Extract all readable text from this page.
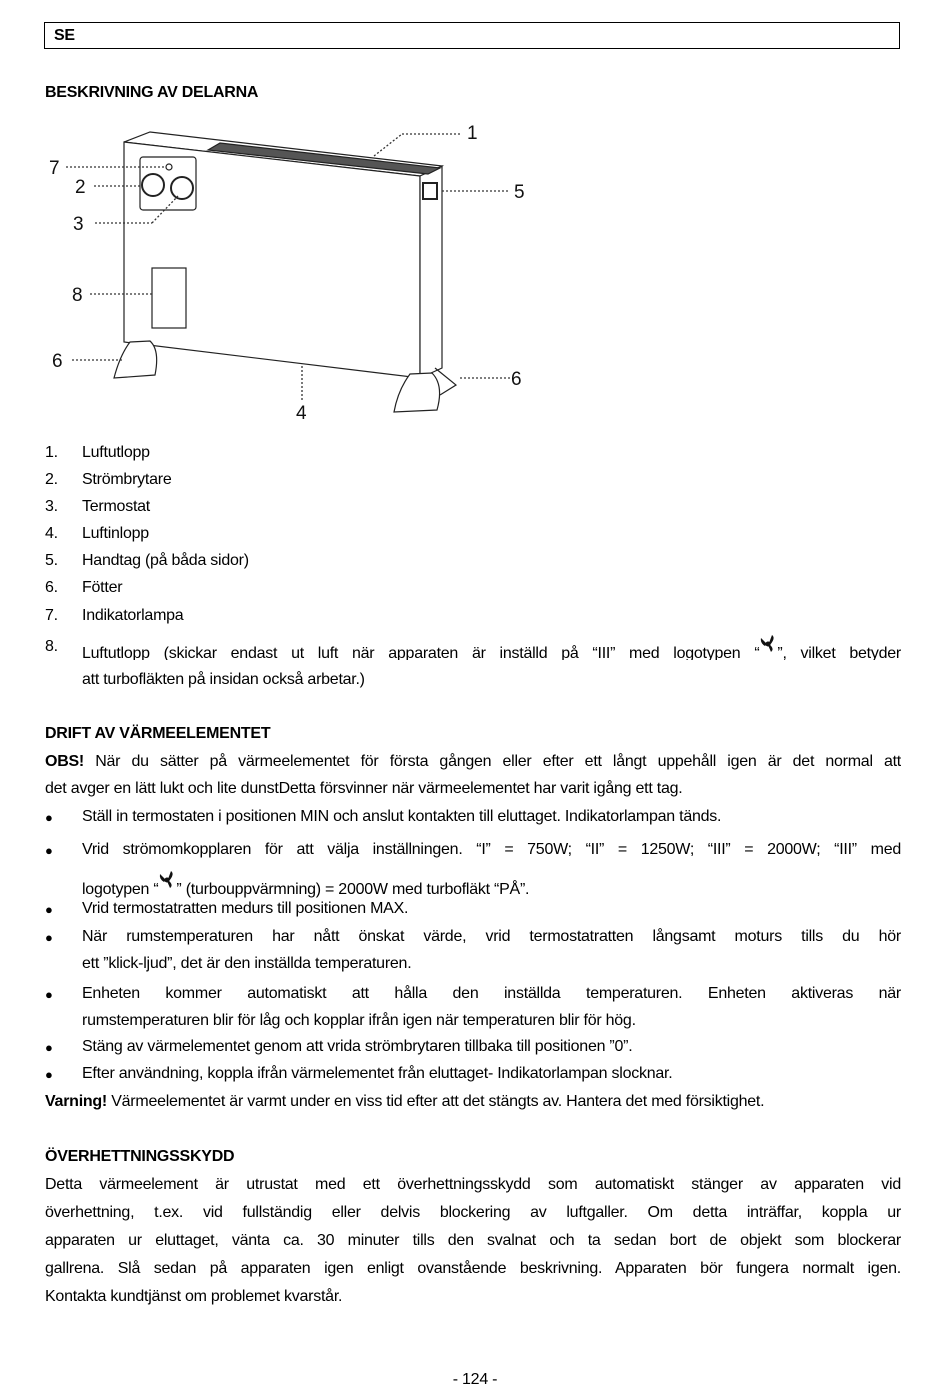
SE
BESKRIVNING AV DELARNA
7
2
3
8
6
1
5
6
4
1. Luftutlopp
2. Strömbrytare
3. Termostat
4. Luftinlopp
5. Handtag (på båda sidor)
6. Fötter
7. Indikatorlampa
8. Luftutlopp (skickar endast ut luft när apparaten är inställd på “III” med logotypen “ ”, vilket betyder
att turbofläkten på insidan också arbetar.)
DRIFT AV VÄRMEELEMENTET
OBS! När du sätter på värmeelementet för första gången eller efter ett långt uppehåll igen är det normal att
det avger en lätt lukt och lite dunstDetta försvinner när värmeelementet har varit igång ett tag.
● Ställ in termostaten i positionen MIN och anslut kontakten till eluttaget. Indikatorlampan tänds.
● Vrid strömomkopplaren för att välja inställningen. “I” = 750W; “II” = 1250W; “III” = 2000W; “III” med
logotypen “ ” (turbouppvärmning) = 2000W med turbofläkt “PÅ”.
● Vrid termostatratten medurs till positionen MAX.
● När rumstemperaturen har nått önskat värde, vrid termostatratten långsamt moturs tills du hör
ett ”klick-ljud”, det är den inställda temperaturen.
● Enheten kommer automatiskt att hålla den inställda temperaturen. Enheten aktiveras när
rumstemperaturen blir för låg och kopplar ifrån igen när temperaturen blir för hög.
● Stäng av värmelementet genom att vrida strömbrytaren tillbaka till positionen ”0”.
● Efter användning, koppla ifrån värmelementet från eluttaget- Indikatorlampan slocknar.
Varning! Värmeelementet är varmt under en viss tid efter att det stängts av. Hantera det med försiktighet.
ÖVERHETTNINGSSKYDD
Detta värmeelement är utrustat med ett överhettningsskydd som automatiskt stänger av apparaten vid
överhettning, t.ex. vid fullständig eller delvis blockering av luftgaller. Om detta inträffar, koppla ur
apparaten ur eluttaget, vänta ca. 30 minuter tills den svalnat och ta sedan bort de objekt som blockerar
gallrena. Slå sedan på apparaten igen enligt ovanstående beskrivning. Apparaten bör fungera normalt igen.
Kontakta kundtjänst om problemet kvarstår.
- 124 -
